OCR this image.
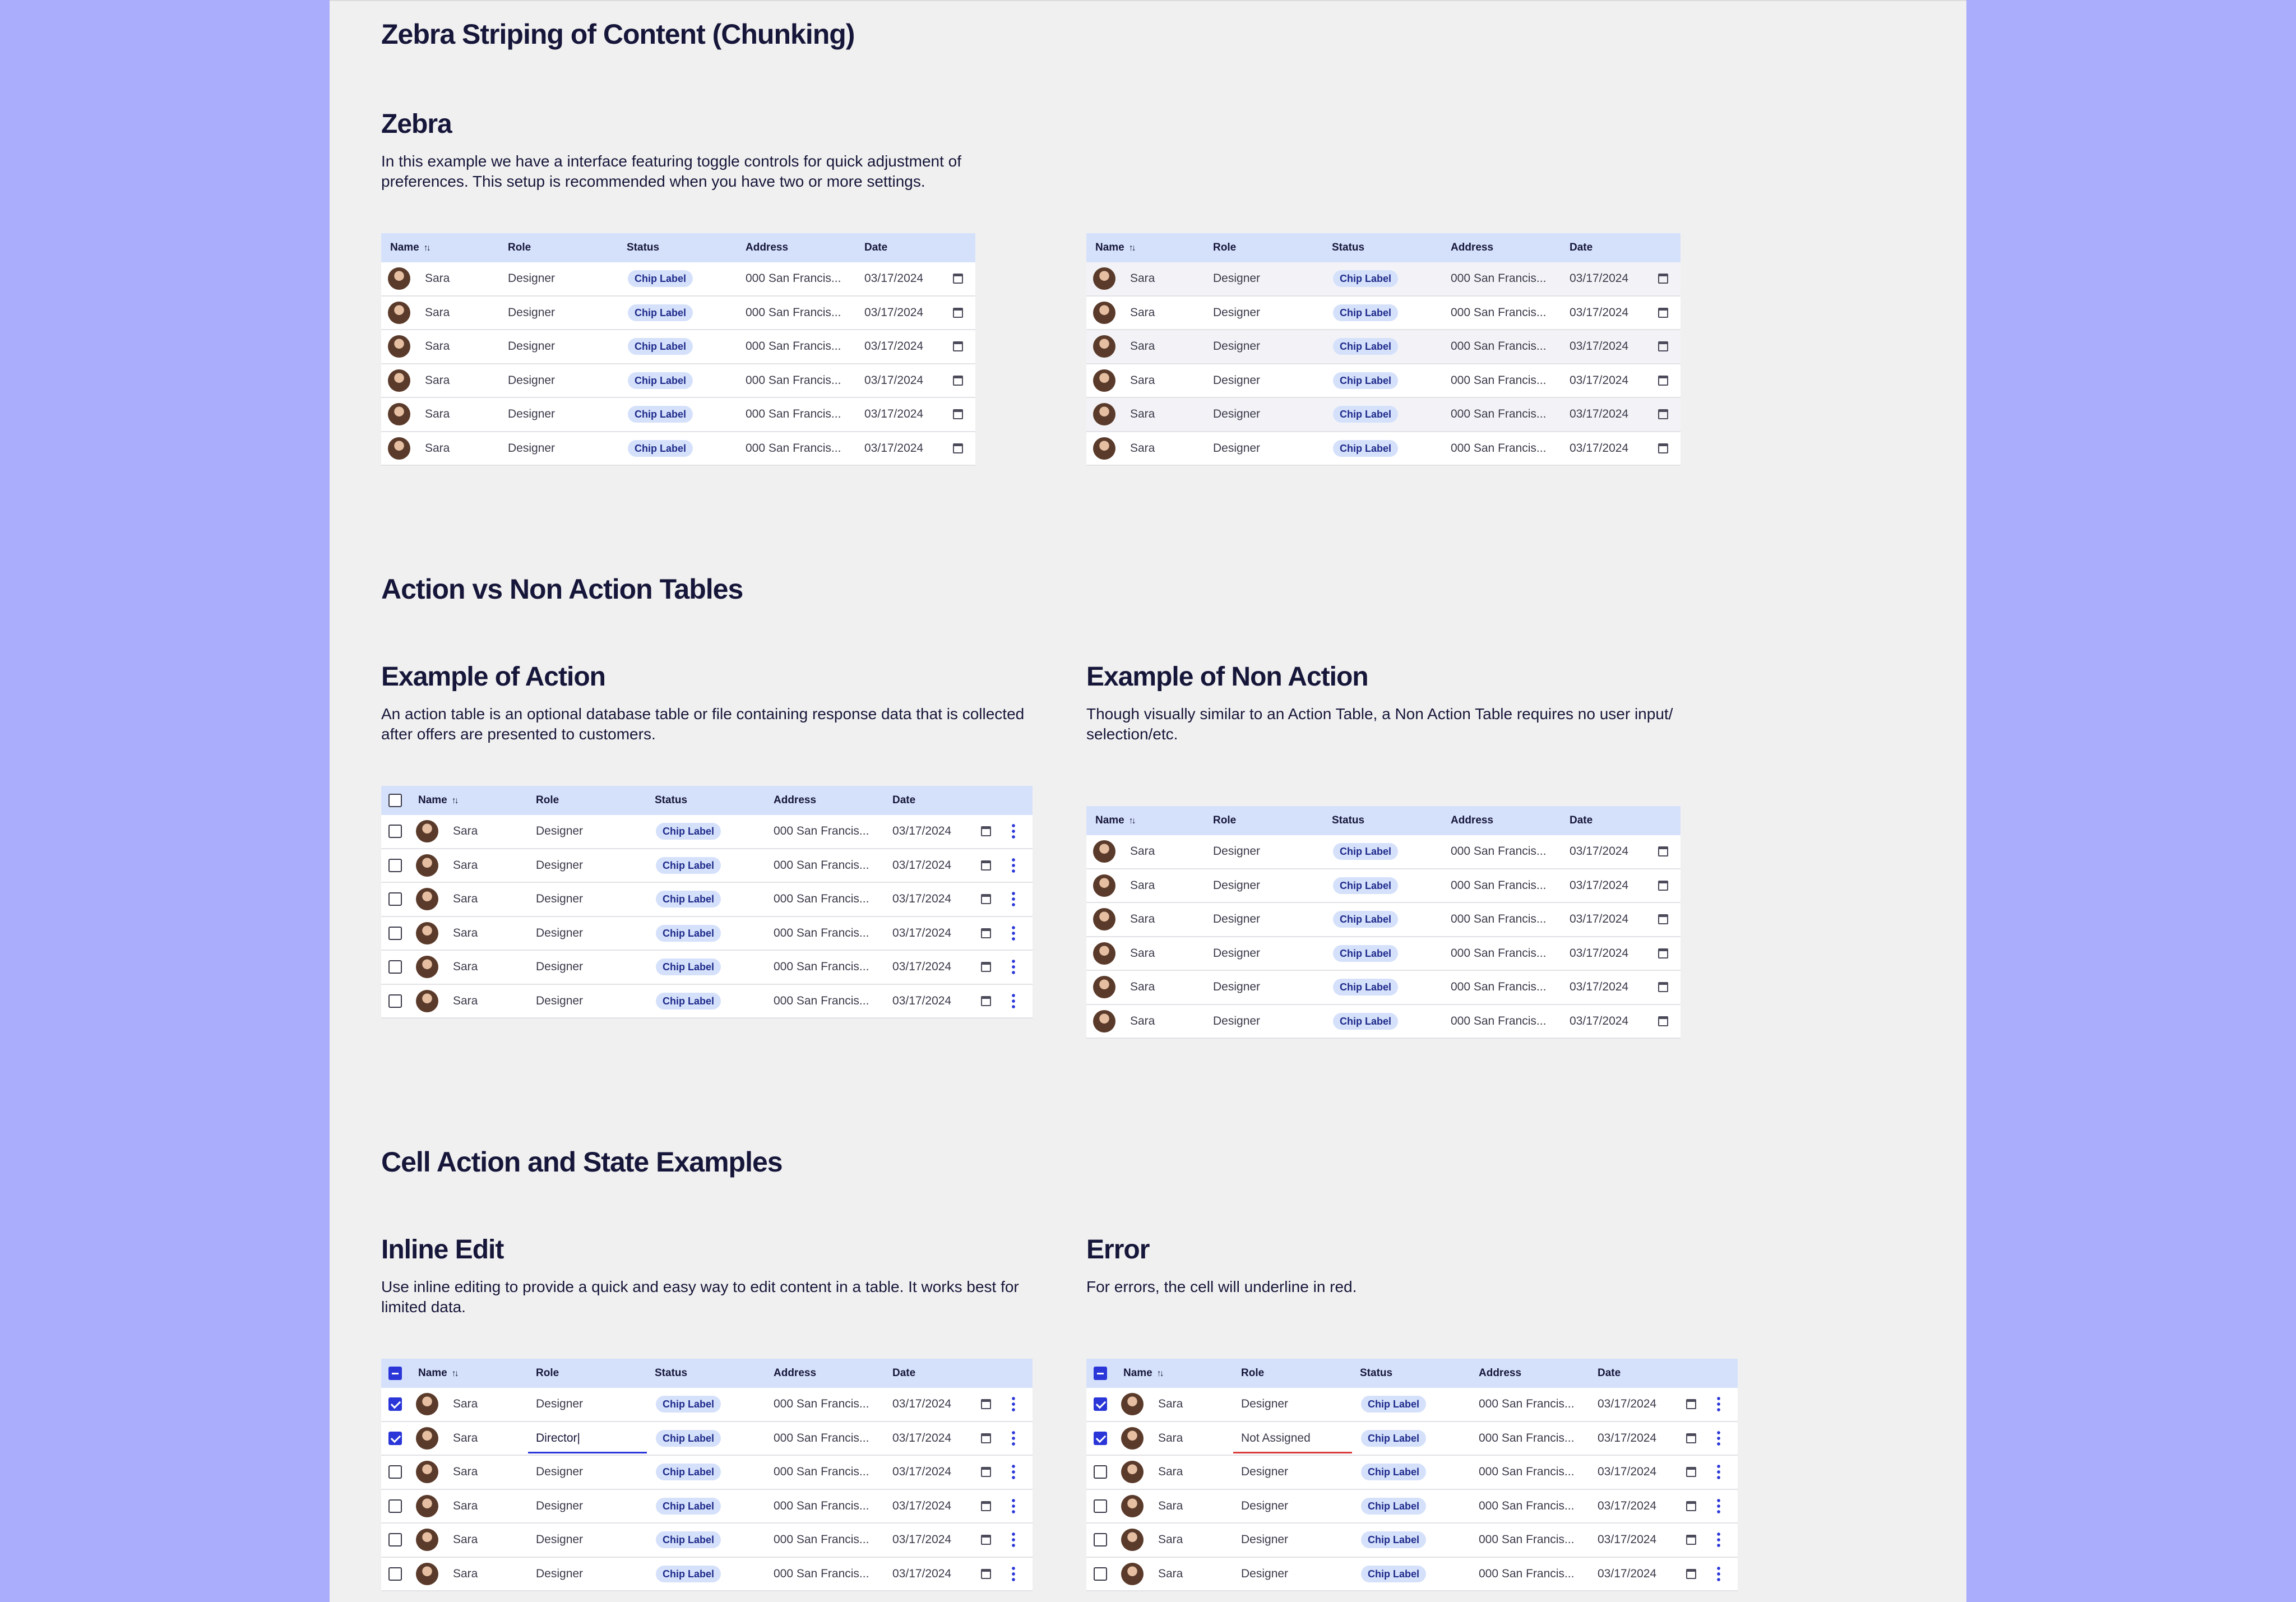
Zebra Striping of Content (Chunking)
Zebra
In this example we have a interface featuring toggle controls for quick adjustment of preferences. This setup is recommended when you have two or more settings.
Name ↑↓	Role	Status	Address	Date
Sara	Designer	Chip Label	000 San Francis... 03/17/2024
Sara	Designer	Chip Label	000 San Francis... 03/17/2024
Sara	Designer	Chip Label	000 San Francis... 03/17/2024
Sara	Designer	Chip Label	000 San Francis... 03/17/2024
Sara	Designer	Chip Label	000 San Francis... 03/17/2024
Sara	Designer	Chip Label	000 San Francis... 03/17/2024
Name ↑↓	Role	Status	Address	Date
Sara	Designer	Chip Label	000 San Francis... 03/17/2024
Sara	Designer	Chip Label	000 San Francis... 03/17/2024
Sara	Designer	Chip Label	000 San Francis... 03/17/2024
Sara	Designer	Chip Label	000 San Francis... 03/17/2024
Sara	Designer	Chip Label	000 San Francis... 03/17/2024
Sara	Designer	Chip Label	000 San Francis... 03/17/2024
Action vs Non Action Tables
Example of Action
An action table is an optional database table or file containing response data that is collected after offers are presented to customers.
Example of Non Action
Though visually similar to an Action Table, a Non Action Table requires no user input/ selection/etc.
Name ↑↓	Role	Status	Address	Date
Sara	Designer	Chip Label	000 San Francis... 03/17/2024
Sara	Designer	Chip Label	000 San Francis... 03/17/2024
Sara	Designer	Chip Label	000 San Francis... 03/17/2024
Sara	Designer	Chip Label	000 San Francis... 03/17/2024
Sara	Designer	Chip Label	000 San Francis... 03/17/2024
Sara	Designer	Chip Label	000 San Francis... 03/17/2024
Name ↑↓	Role	Status	Address	Date
Sara	Designer	Chip Label	000 San Francis... 03/17/2024
Sara	Designer	Chip Label	000 San Francis... 03/17/2024
Sara	Designer	Chip Label	000 San Francis... 03/17/2024
Sara	Designer	Chip Label	000 San Francis... 03/17/2024
Sara	Designer	Chip Label	000 San Francis... 03/17/2024
Sara	Designer	Chip Label	000 San Francis... 03/17/2024
Cell Action and State Examples
Inline Edit
Use inline editing to provide a quick and easy way to edit content in a table. It works best for limited data.
Error
For errors, the cell will underline in red.
Name ↑↓	Role	Status	Address	Date
Sara	Designer	Chip Label	000 San Francis... 03/17/2024
Sara	Director|	Chip Label	000 San Francis... 03/17/2024
Sara	Designer	Chip Label	000 San Francis... 03/17/2024
Sara	Designer	Chip Label	000 San Francis... 03/17/2024
Sara	Designer	Chip Label	000 San Francis... 03/17/2024
Sara	Designer	Chip Label	000 San Francis... 03/17/2024
Name ↑↓	Role	Status	Address	Date
Sara	Designer	Chip Label	000 San Francis... 03/17/2024
Sara	Not Assigned	Chip Label	000 San Francis... 03/17/2024
Sara	Designer	Chip Label	000 San Francis... 03/17/2024
Sara	Designer	Chip Label	000 San Francis... 03/17/2024
Sara	Designer	Chip Label	000 San Francis... 03/17/2024
Sara	Designer	Chip Label	000 San Francis... 03/17/2024
